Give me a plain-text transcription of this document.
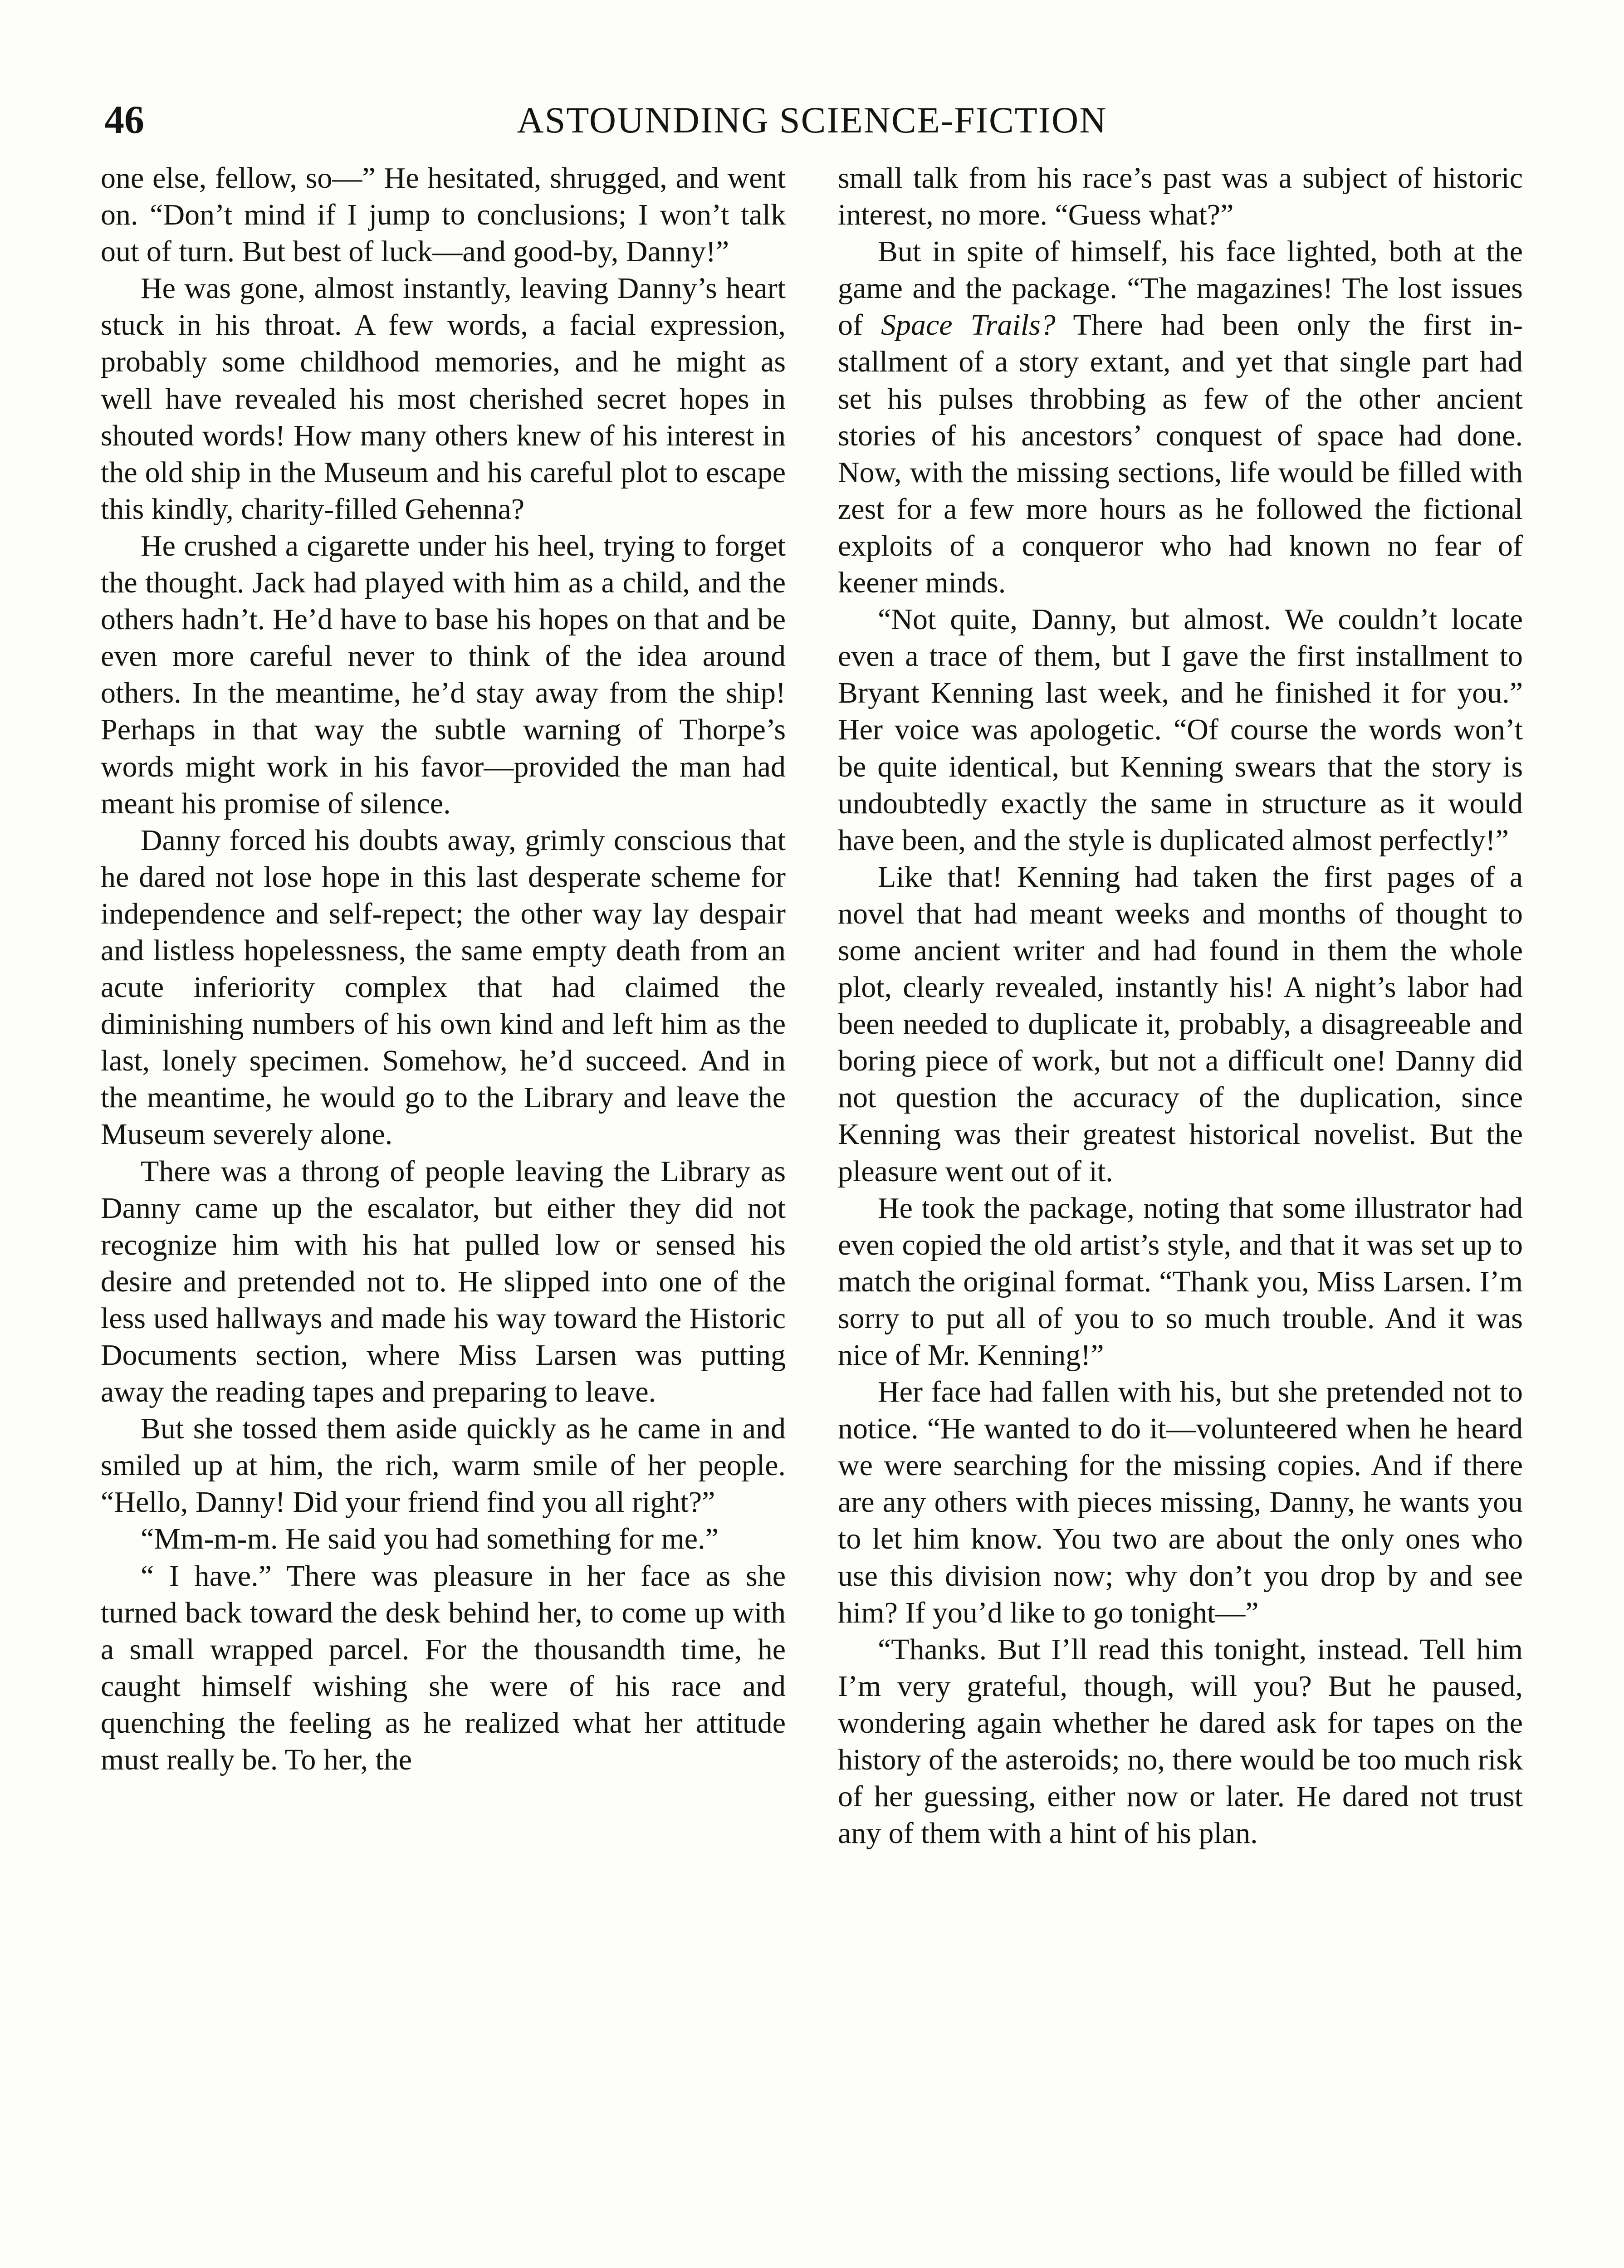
46	ASTOUNDING SCIENCE-FICTION

one else, fellow, so—” He hesitated, shrugged, and went on. “Don’t mind if I jump to conclusions; I won’t talk out of turn. But best of luck—and good-by, Danny!”

He was gone, almost instantly, leaving Danny’s heart stuck in his throat. A few words, a facial expression, probably some childhood memories, and he might as well have revealed his most cherished secret hopes in shouted words! How many others knew of his interest in the old ship in the Museum and his careful plot to escape this kindly, charity-filled Gehenna?

He crushed a cigarette under his heel, trying to forget the thought. Jack had played with him as a child, and the others hadn’t. He’d have to base his hopes on that and be even more careful never to think of the idea around others. In the meantime, he’d stay away from the ship! Perhaps in that way the subtle warning of Thorpe’s words might work in his favor—provided the man had meant his promise of silence.

Danny forced his doubts away, grimly conscious that he dared not lose hope in this last desperate scheme for independence and self-repect; the other way lay despair and listless hopelessness, the same empty death from an acute inferiority complex that had claimed the diminishing numbers of his own kind and left him as the last, lonely specimen. Somehow, he’d succeed. And in the meantime, he would go to the Library and leave the Museum severely alone.

There was a throng of people leaving the Library as Danny came up the escalator, but either they did not recognize him with his hat pulled low or sensed his desire and pretended not to. He slipped into one of the less used hallways and made his way toward the Historic Documents section, where Miss Larsen was putting away the reading tapes and preparing to leave.

But she tossed them aside quickly as he came in and smiled up at him, the rich, warm smile of her people. “Hello, Danny! Did your friend find you all right?”

“Mm-m-m. He said you had something for me.”

“ I have.” There was pleasure in her face as she turned back toward the desk behind her, to come up with a small wrapped parcel. For the thousandth time, he caught himself wishing she were of his race and quenching the feeling as he realized what her attitude must really be. To her, the

small talk from his race’s past was a subject of historic interest, no more. “Guess what?”

But in spite of himself, his face lighted, both at the game and the package. “The magazines! The lost issues of Space Trails? There had been only the first installment of a story extant, and yet that single part had set his pulses throbbing as few of the other ancient stories of his ancestors’ conquest of space had done. Now, with the missing sections, life would be filled with zest for a few more hours as he followed the fictional exploits of a conqueror who had known no fear of keener minds.

“Not quite, Danny, but almost. We couldn’t locate even a trace of them, but I gave the first installment to Bryant Kenning last week, and he finished it for you.” Her voice was apologetic. “Of course the words won’t be quite identical, but Kenning swears that the story is undoubtedly exactly the same in structure as it would have been, and the style is duplicated almost perfectly!”

Like that! Kenning had taken the first pages of a novel that had meant weeks and months of thought to some ancient writer and had found in them the whole plot, clearly revealed, instantly his! A night’s labor had been needed to duplicate it, probably, a disagreeable and boring piece of work, but not a difficult one! Danny did not question the accuracy of the duplication, since Kenning was their greatest historical novelist. But the pleasure went out of it.

He took the package, noting that some illustrator had even copied the old artist’s style, and that it was set up to match the original format. “Thank you, Miss Larsen. I’m sorry to put all of you to so much trouble. And it was nice of Mr. Kenning!”

Her face had fallen with his, but she pretended not to notice. “He wanted to do it—volunteered when he heard we were searching for the missing copies. And if there are any others with pieces missing, Danny, he wants you to let him know. You two are about the only ones who use this division now; why don’t you drop by and see him? If you’d like to go tonight—”

“Thanks. But I’ll read this tonight, instead. Tell him I’m very grateful, though, will you? But he paused, wondering again whether he dared ask for tapes on the history of the asteroids; no, there would be too much risk of her guessing, either now or later. He dared not trust any of them with a hint of his plan.
